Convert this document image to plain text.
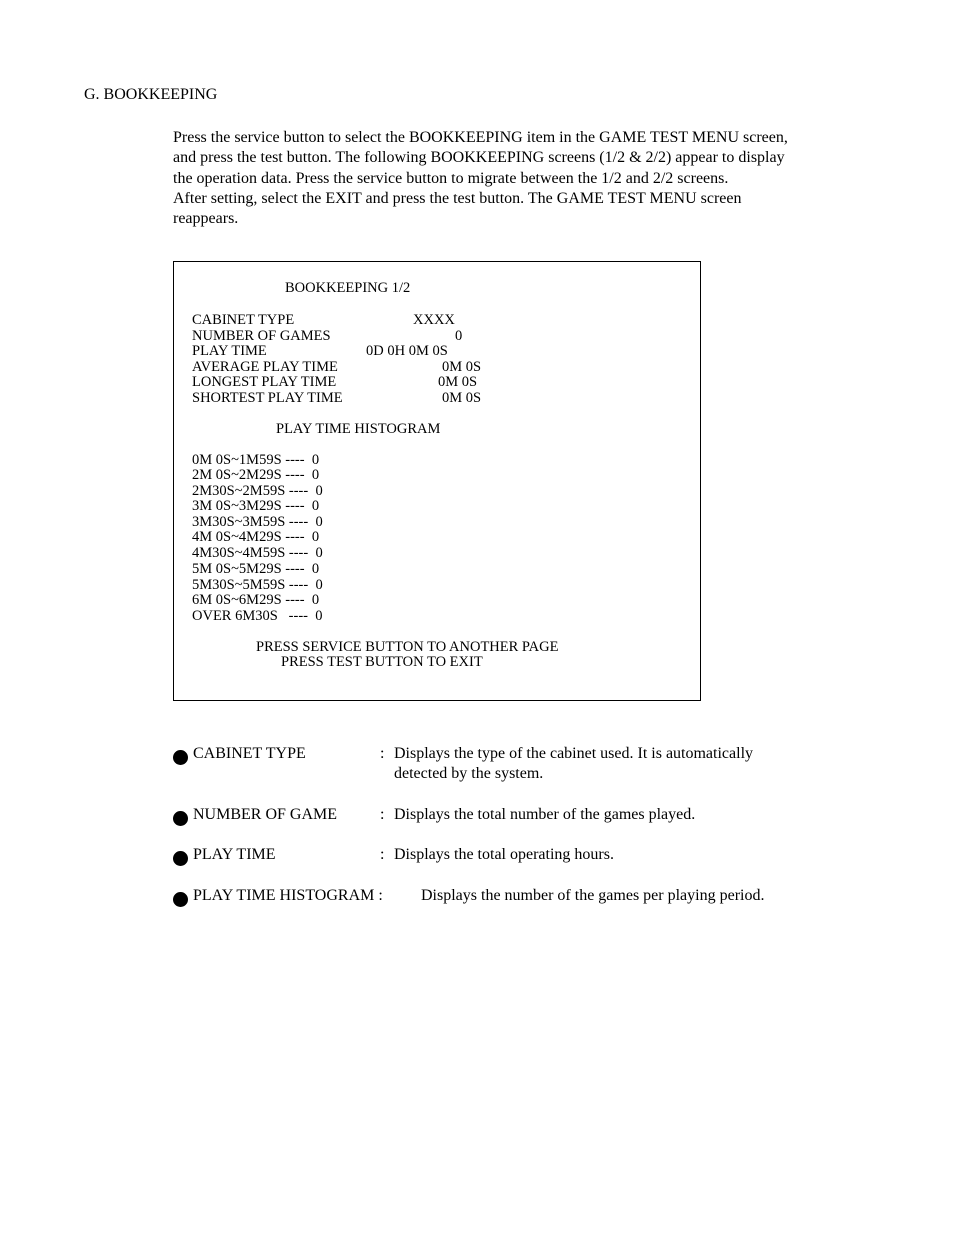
G. BOOKKEEPING
Press the service button to select the BOOKKEEPING item in the GAME TEST MENU screen,
and press the test button. The following BOOKKEEPING screens (1/2 & 2/2) appear to display
the operation data. Press the service button to migrate between the 1/2 and 2/2 screens.
After setting, select the EXIT and press the test button. The GAME TEST MENU screen
reappears.
BOOKKEEPING 1/2
CABINET TYPE	XXXX
NUMBER OF GAMES	0
PLAY TIME	0D 0H 0M 0S
AVERAGE PLAY TIME	0M 0S
LONGEST PLAY TIME	0M 0S
SHORTEST PLAY TIME	0M 0S
PLAY TIME HISTOGRAM
0M 0S~1M59S ---- 0
2M 0S~2M29S ---- 0
2M30S~2M59S ---- 0
3M 0S~3M29S ---- 0
3M30S~3M59S ---- 0
4M 0S~4M29S ---- 0
4M30S~4M59S ---- 0
5M 0S~5M29S ---- 0
5M30S~5M59S ---- 0
6M 0S~6M29S ---- 0
OVER 6M30S   ---- 0
PRESS SERVICE BUTTON TO ANOTHER PAGE
PRESS TEST BUTTON TO EXIT
CABINET TYPE	: Displays the type of the cabinet used. It is automatically
detected by the system.
NUMBER OF GAME	: Displays the total number of the games played.
PLAY TIME	: Displays the total operating hours.
PLAY TIME HISTOGRAM : Displays the number of the games per playing period.
